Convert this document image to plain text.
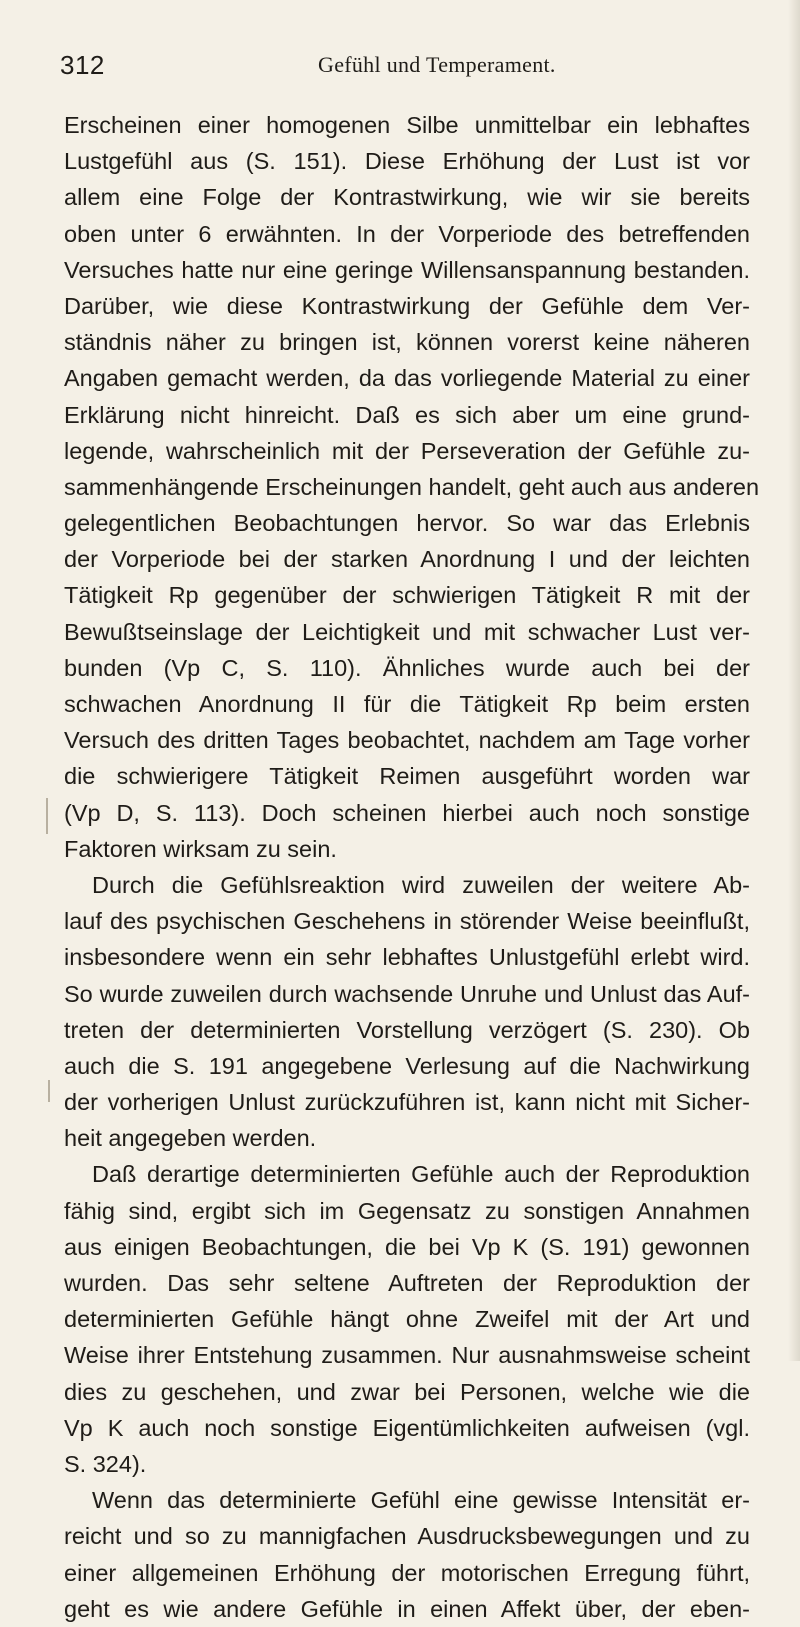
312	Gefühl und Temperament.
Erscheinen einer homogenen Silbe unmittelbar ein lebhaftes
Lustgefühl aus (S. 151). Diese Erhöhung der Lust ist vor
allem eine Folge der Kontrastwirkung, wie wir sie bereits
oben unter 6 erwähnten. In der Vorperiode des betreffenden
Versuches hatte nur eine geringe Willensanspannung bestanden.
Darüber, wie diese Kontrastwirkung der Gefühle dem Ver-
ständnis näher zu bringen ist, können vorerst keine näheren
Angaben gemacht werden, da das vorliegende Material zu einer
Erklärung nicht hinreicht. Daß es sich aber um eine grund-
legende, wahrscheinlich mit der Perseveration der Gefühle zu-
sammenhängende Erscheinungen handelt, geht auch aus anderen
gelegentlichen Beobachtungen hervor. So war das Erlebnis
der Vorperiode bei der starken Anordnung I und der leichten
Tätigkeit Rp gegenüber der schwierigen Tätigkeit R mit der
Bewußtseinslage der Leichtigkeit und mit schwacher Lust ver-
bunden (Vp C, S. 110). Ähnliches wurde auch bei der
schwachen Anordnung II für die Tätigkeit Rp beim ersten
Versuch des dritten Tages beobachtet, nachdem am Tage vorher
die schwierigere Tätigkeit Reimen ausgeführt worden war
(Vp D, S. 113). Doch scheinen hierbei auch noch sonstige
Faktoren wirksam zu sein.
Durch die Gefühlsreaktion wird zuweilen der weitere Ab-
lauf des psychischen Geschehens in störender Weise beeinflußt,
insbesondere wenn ein sehr lebhaftes Unlustgefühl erlebt wird.
So wurde zuweilen durch wachsende Unruhe und Unlust das Auf-
treten der determinierten Vorstellung verzögert (S. 230). Ob
auch die S. 191 angegebene Verlesung auf die Nachwirkung
der vorherigen Unlust zurückzuführen ist, kann nicht mit Sicher-
heit angegeben werden.
Daß derartige determinierten Gefühle auch der Reproduktion
fähig sind, ergibt sich im Gegensatz zu sonstigen Annahmen
aus einigen Beobachtungen, die bei Vp K (S. 191) gewonnen
wurden. Das sehr seltene Auftreten der Reproduktion der
determinierten Gefühle hängt ohne Zweifel mit der Art und
Weise ihrer Entstehung zusammen. Nur ausnahmsweise scheint
dies zu geschehen, und zwar bei Personen, welche wie die
Vp K auch noch sonstige Eigentümlichkeiten aufweisen (vgl.
S. 324).
Wenn das determinierte Gefühl eine gewisse Intensität er-
reicht und so zu mannigfachen Ausdrucksbewegungen und zu
einer allgemeinen Erhöhung der motorischen Erregung führt,
geht es wie andere Gefühle in einen Affekt über, der eben-
